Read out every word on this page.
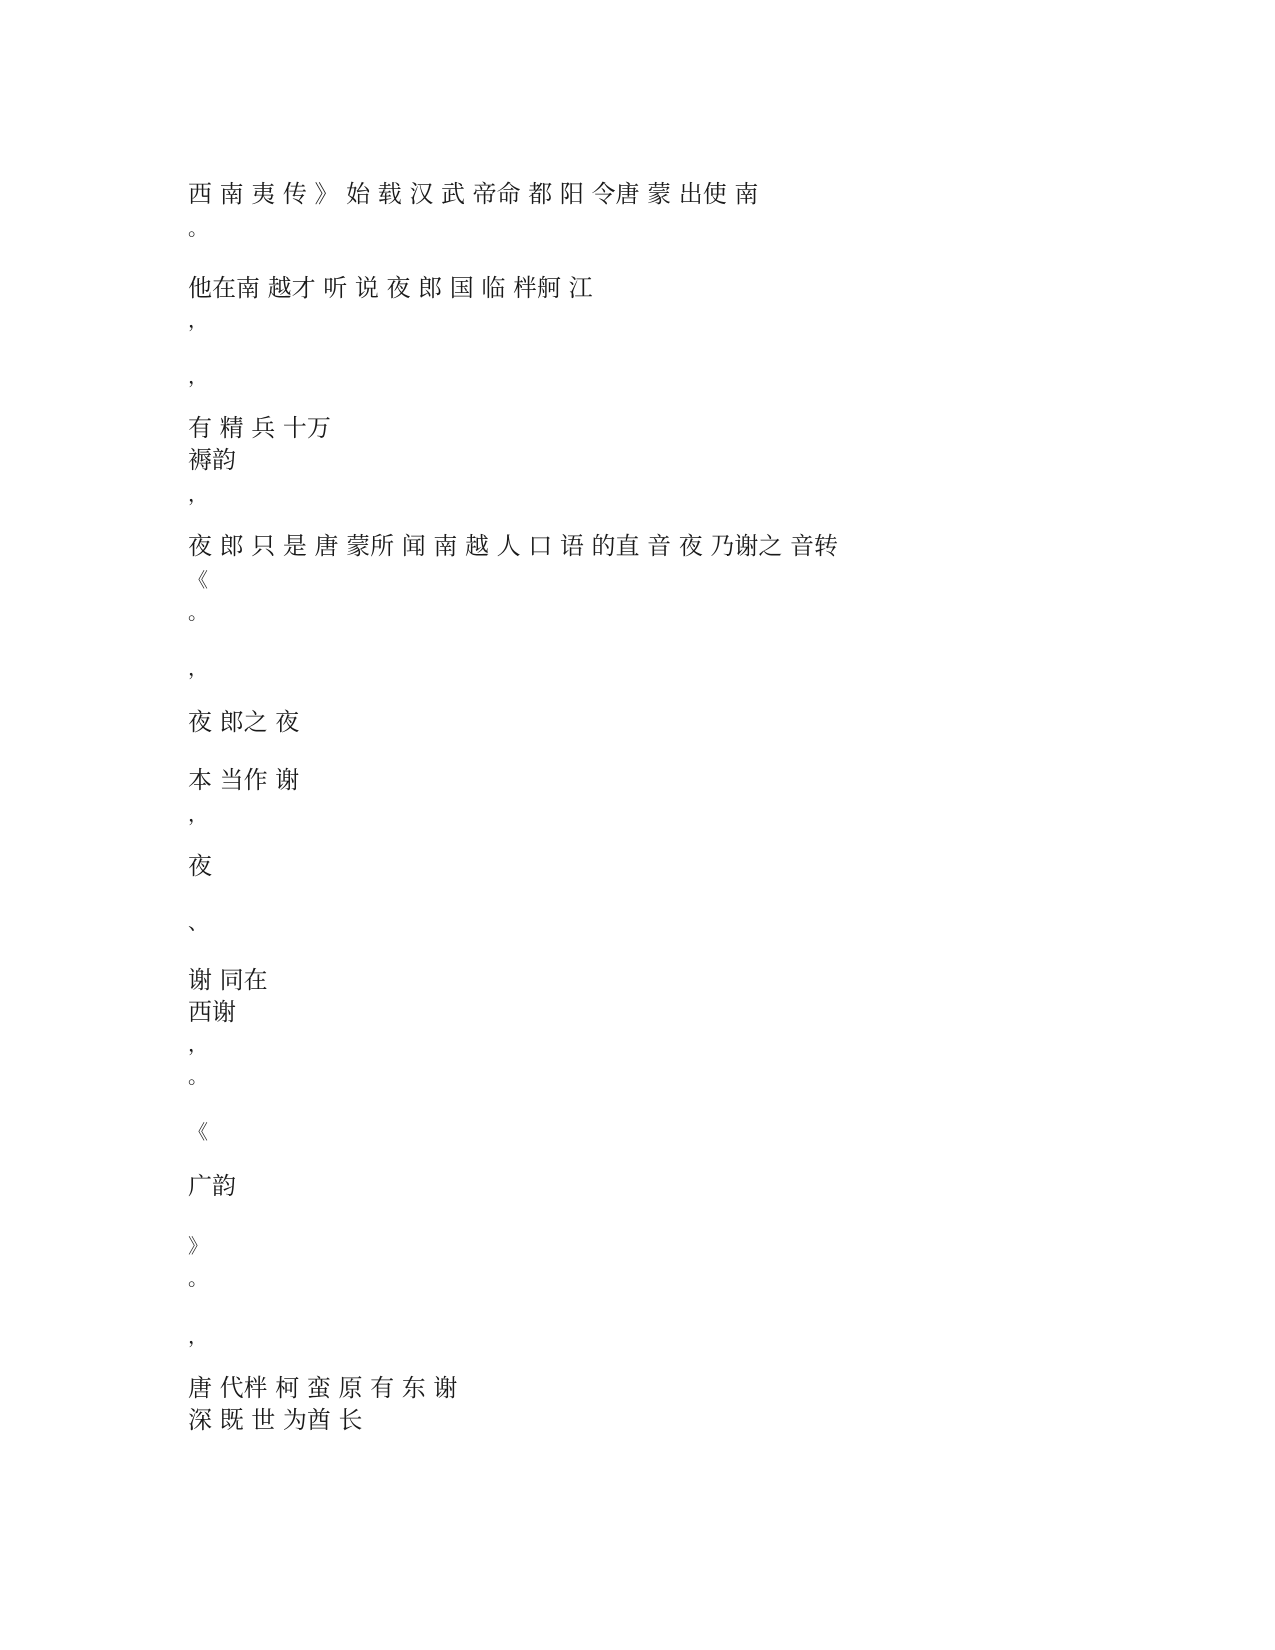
西 南 夷 传 》 始 载 汉 武 帝命 都 阳 令唐 蒙 出使 南
。
他在南 越才 听 说 夜 郎 国 临 柈舸 江
，
，
有 精 兵 十万
褥韵
，
夜 郎 只 是 唐 蒙所 闻 南 越 人 口 语 的直 音 夜 乃谢之 音转
《
。
，
夜 郎之 夜
本 当作 谢
，
夜
、
谢 同在
西谢
，
。
《
广韵
》
。
，
唐 代柈 柯 蛮 原 有 东 谢
深 既 世 为酋 长
